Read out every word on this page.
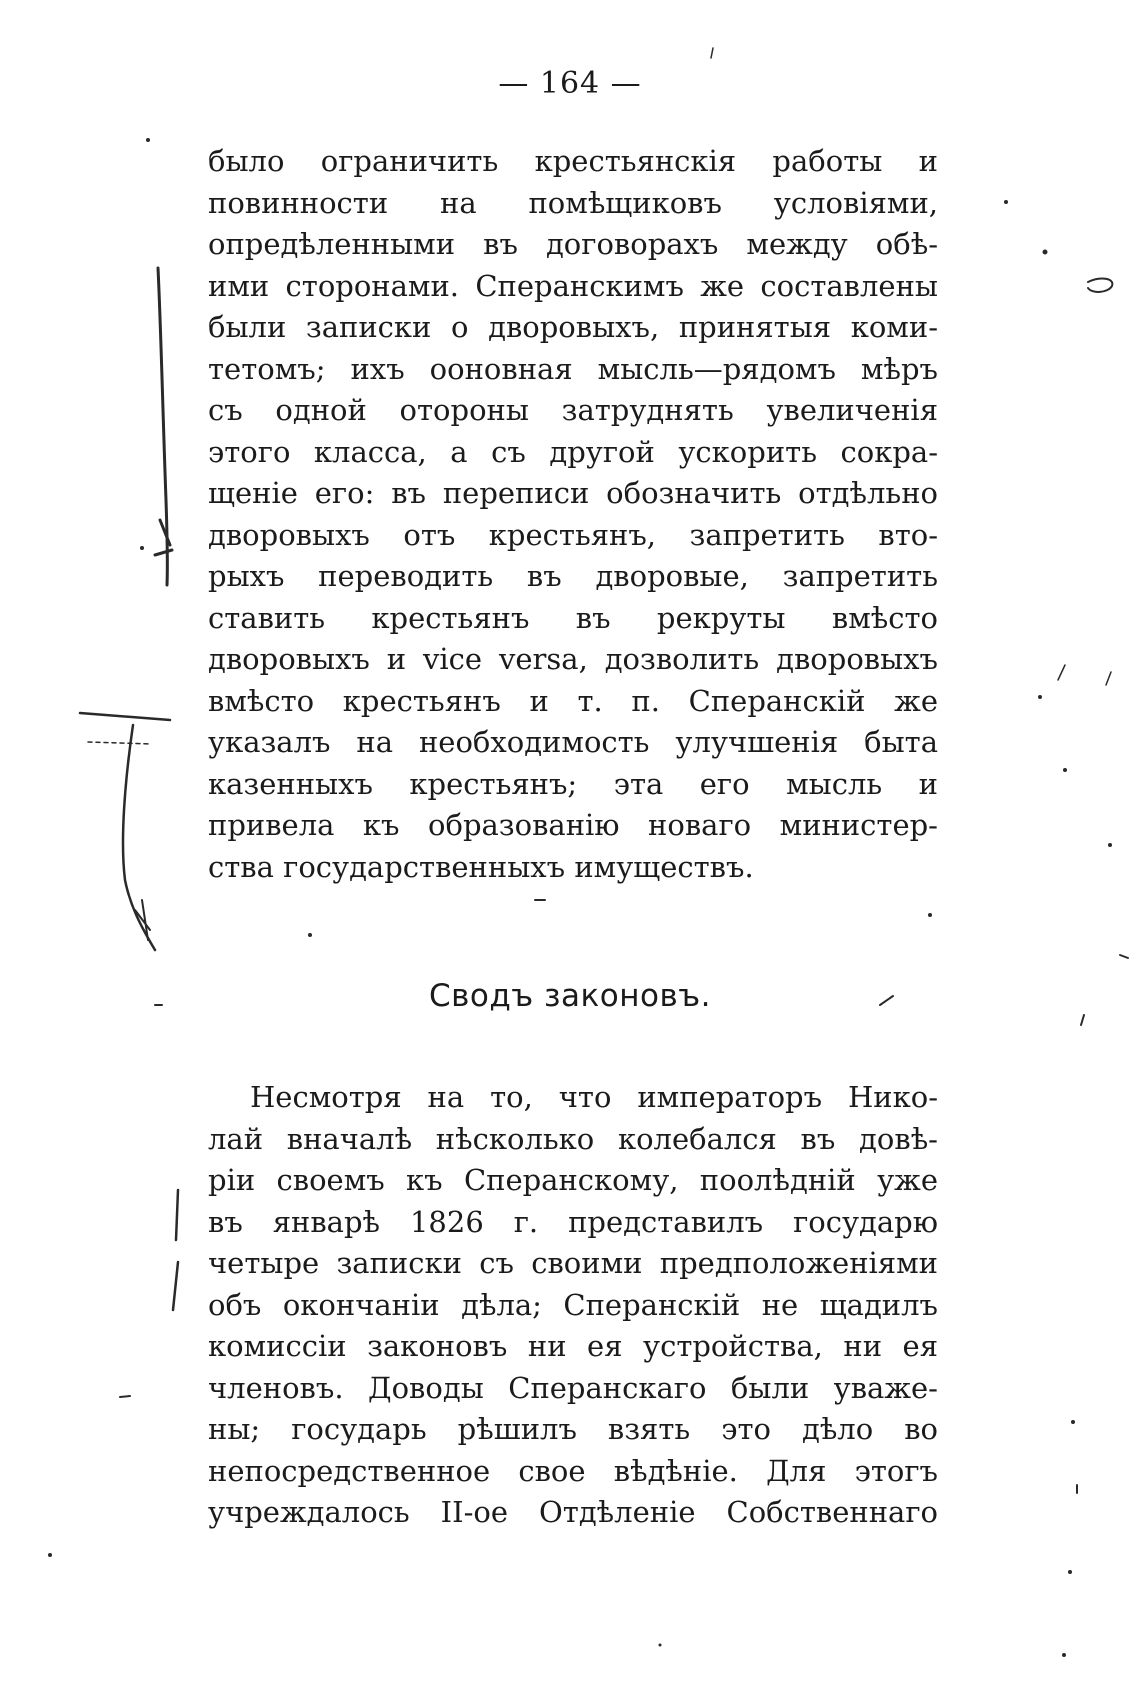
— 164 —
было ограничить крестьянскія работы и
повинности на помѣщиковъ условіями,
опредѣленными въ договорахъ между обѣ-
ими сторонами. Сперанскимъ же составлены
были записки о дворовыхъ, принятыя коми-
тетомъ; ихъ ооновная мысль—рядомъ мѣръ
съ одной отороны затруднять увеличенія
этого класса, а съ другой ускорить сокра-
щеніе его: въ переписи обозначить отдѣльно
дворовыхъ отъ крестьянъ, запретить вто-
рыхъ переводить въ дворовые, запретить
ставить крестьянъ въ рекруты вмѣсто
дворовыхъ и vice versa, дозволить дворовыхъ
вмѣсто крестьянъ и т. п. Сперанскій же
указалъ на необходимость улучшенія быта
казенныхъ крестьянъ; эта его мысль и
привела къ образованію новаго министер-
ства государственныхъ имуществъ.
Сводъ законовъ.
Несмотря на то, что императоръ Нико-
лай вначалѣ нѣсколько колебался въ довѣ-
ріи своемъ къ Сперанскому, поолѣдній уже
въ январѣ 1826 г. представилъ государю
четыре записки съ своими предположеніями
объ окончаніи дѣла; Сперанскій не щадилъ
комиссіи законовъ ни ея устройства, ни ея
членовъ. Доводы Сперанскаго были уваже-
ны; государь рѣшилъ взять это дѣло во
непосредственное свое вѣдѣніе. Для этогъ
учреждалось II-ое Отдѣленіе Собственнаго
